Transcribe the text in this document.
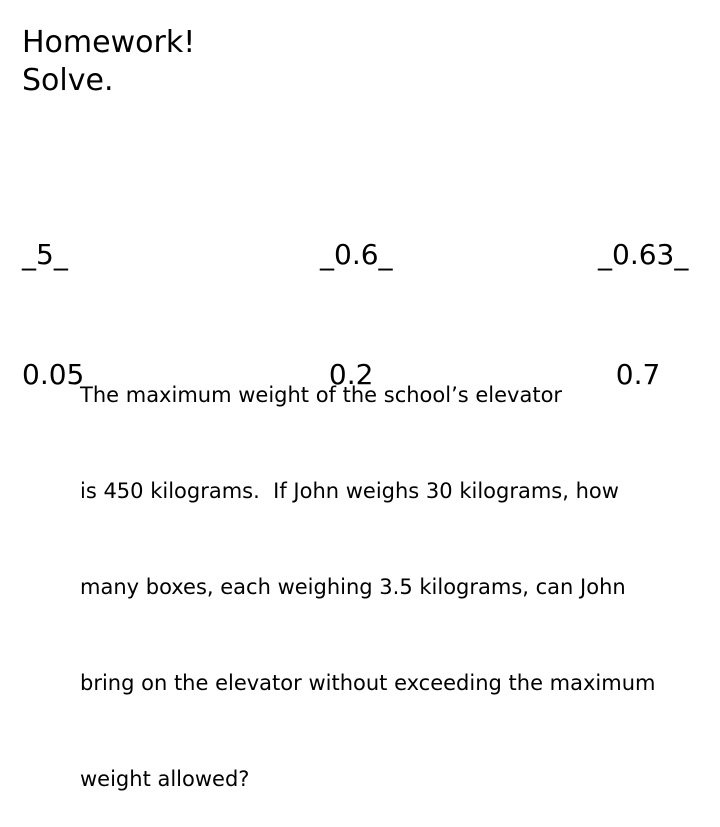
Homework!
Solve.

_5_

0.05

_0.6_

0.2

_0.63_

0.7

The maximum weight of the school’s elevator

is 450 kilograms.  If John weighs 30 kilograms, how

many boxes, each weighing 3.5 kilograms, can John

bring on the elevator without exceeding the maximum

weight allowed?
